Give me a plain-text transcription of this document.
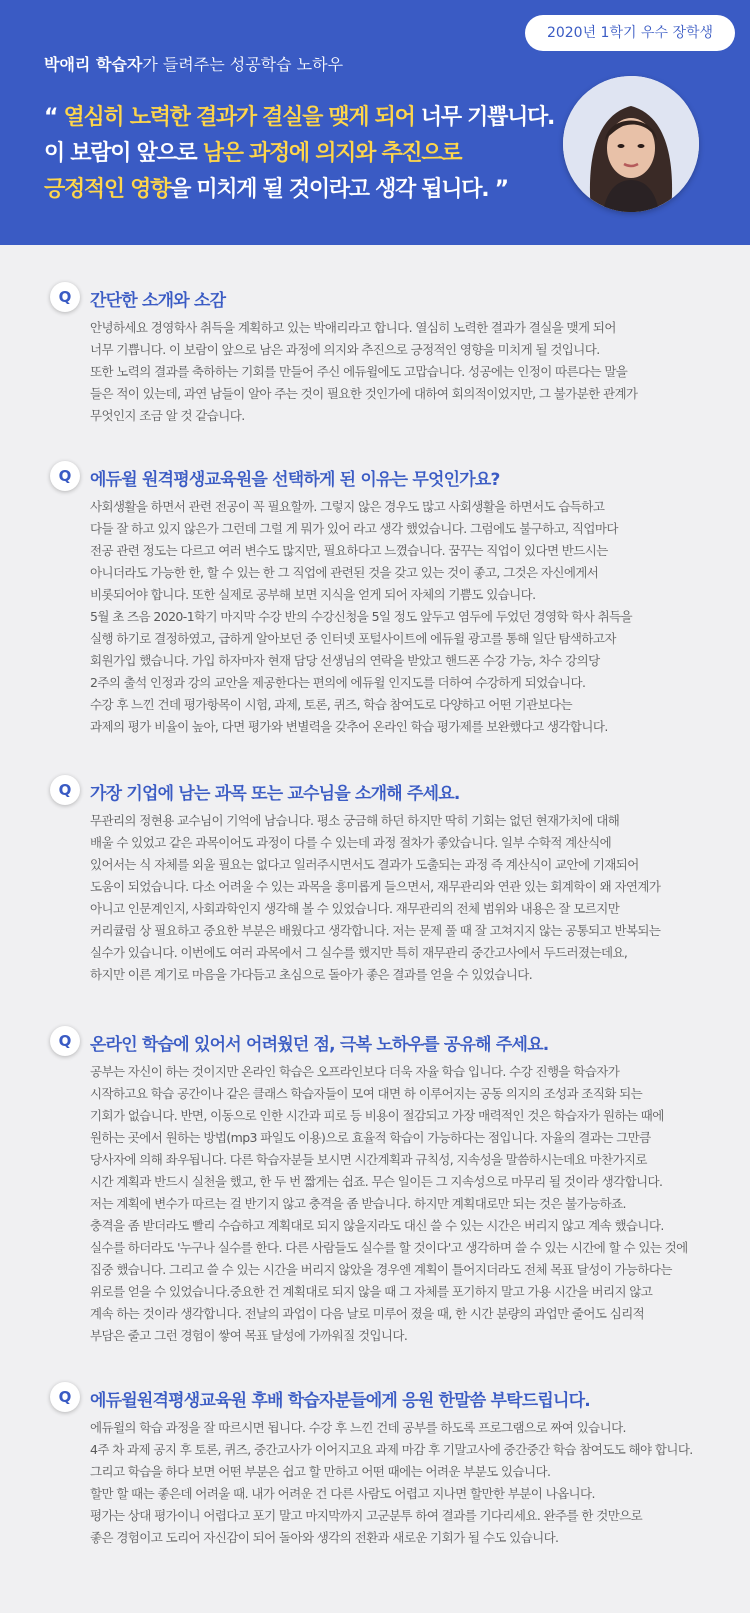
2020년 1학기 우수 장학생
박애리 학습자가 들려주는 성공학습 노하우
“ 열심히 노력한 결과가 결실을 맺게 되어 너무 기쁩니다.
이 보람이 앞으로 남은 과정에 의지와 추진으로
긍정적인 영향을 미치게 될 것이라고 생각 됩니다. ”
Q	간단한 소개와 소감
안녕하세요 경영학사 취득을 계획하고 있는 박애리라고 합니다. 열심히 노력한 결과가 결실을 맺게 되어
너무 기쁩니다. 이 보람이 앞으로 남은 과정에 의지와 추진으로 긍정적인 영향을 미치게 될 것입니다.
또한 노력의 결과를 축하하는 기회를 만들어 주신 에듀윌에도 고맙습니다. 성공에는 인정이 따른다는 말을
들은 적이 있는데, 과연 남들이 알아 주는 것이 필요한 것인가에 대하여 회의적이었지만, 그 불가분한 관계가
무엇인지 조금 알 것 같습니다.
Q	에듀윌 원격평생교육원을 선택하게 된 이유는 무엇인가요?
사회생활을 하면서 관련 전공이 꼭 필요할까. 그렇지 않은 경우도 많고 사회생활을 하면서도 습득하고
다들 잘 하고 있지 않은가 그런데 그럴 게 뭐가 있어 라고 생각 했었습니다. 그럼에도 불구하고, 직업마다
전공 관련 정도는 다르고 여러 변수도 많지만, 필요하다고 느꼈습니다. 꿈꾸는 직업이 있다면 반드시는
아니더라도 가능한 한, 할 수 있는 한 그 직업에 관련된 것을 갖고 있는 것이 좋고, 그것은 자신에게서
비롯되어야 합니다. 또한 실제로 공부해 보면 지식을 얻게 되어 자체의 기쁨도 있습니다.
5월 초 즈음 2020-1학기 마지막 수강 반의 수강신청을 5일 정도 앞두고 염두에 두었던 경영학 학사 취득을
실행 하기로 결정하였고, 급하게 알아보던 중 인터넷 포털사이트에 에듀윌 광고를 통해 일단 탐색하고자
회원가입 했습니다. 가입 하자마자 현재 담당 선생님의 연락을 받았고 핸드폰 수강 가능, 차수 강의당
2주의 출석 인정과 강의 교안을 제공한다는 편의에 에듀윌 인지도를 더하여 수강하게 되었습니다.
수강 후 느낀 건데 평가항목이 시험, 과제, 토론, 퀴즈, 학습 참여도로 다양하고 어떤 기관보다는
과제의 평가 비율이 높아, 다면 평가와 변별력을 갖추어 온라인 학습 평가제를 보완했다고 생각합니다.
Q	가장 기업에 남는 과목 또는 교수님을 소개해 주세요.
무관리의 정현용 교수님이 기억에 남습니다. 평소 궁금해 하던 하지만 딱히 기회는 없던 현재가치에 대해
배울 수 있었고 같은 과목이어도 과정이 다를 수 있는데 과정 절차가 좋았습니다. 일부 수학적 계산식에
있어서는 식 자체를 외울 필요는 없다고 일러주시면서도 결과가 도출되는 과정 즉 계산식이 교안에 기재되어
도움이 되었습니다. 다소 어려울 수 있는 과목을 흥미롭게 들으면서, 재무관리와 연관 있는 회계학이 왜 자연계가
아니고 인문계인지, 사회과학인지 생각해 볼 수 있었습니다. 재무관리의 전체 범위와 내용은 잘 모르지만
커리큘럼 상 필요하고 중요한 부분은 배웠다고 생각합니다. 저는 문제 풀 때 잘 고쳐지지 않는 공통되고 반복되는
실수가 있습니다. 이번에도 여러 과목에서 그 실수를 했지만 특히 재무관리 중간고사에서 두드러졌는데요,
하지만 이른 계기로 마음을 가다듬고 초심으로 돌아가 좋은 결과를 얻을 수 있었습니다.
Q	온라인 학습에 있어서 어려웠던 점, 극복 노하우를 공유해 주세요.
공부는 자신이 하는 것이지만 온라인 학습은 오프라인보다 더욱 자율 학습 입니다. 수강 진행을 학습자가
시작하고요 학습 공간이나 같은 클래스 학습자들이 모여 대면 하 이루어지는 공동 의지의 조성과 조직화 되는
기회가 없습니다. 반면, 이동으로 인한 시간과 피로 등 비용이 절감되고 가장 매력적인 것은 학습자가 원하는 때에
원하는 곳에서 원하는 방법(mp3 파일도 이용)으로 효율적 학습이 가능하다는 점입니다. 자율의 결과는 그만큼
당사자에 의해 좌우됩니다. 다른 학습자분들 보시면 시간계획과 규칙성, 지속성을 말씀하시는데요 마찬가지로
시간 계획과 반드시 실천을 했고, 한 두 번 짧게는 쉽죠. 무슨 일이든 그 지속성으로 마무리 될 것이라 생각합니다.
저는 계획에 변수가 따르는 걸 반기지 않고 충격을 좀 받습니다. 하지만 계획대로만 되는 것은 불가능하죠.
충격을 좀 받더라도 빨리 수습하고 계획대로 되지 않을지라도 대신 쓸 수 있는 시간은 버리지 않고 계속 했습니다.
실수를 하더라도 '누구나 실수를 한다. 다른 사람들도 실수를 할 것이다'고 생각하며 쓸 수 있는 시간에 할 수 있는 것에
집중 했습니다. 그리고 쓸 수 있는 시간을 버리지 않았을 경우엔 계획이 틀어지더라도 전체 목표 달성이 가능하다는
위로를 얻을 수 있었습니다.중요한 건 계획대로 되지 않을 때 그 자체를 포기하지 말고 가용 시간을 버리지 않고
계속 하는 것이라 생각합니다. 전날의 과업이 다음 날로 미루어 졌을 때, 한 시간 분량의 과업만 줄어도 심리적
부담은 줄고 그런 경험이 쌓여 목표 달성에 가까워질 것입니다.
Q	에듀윌원격평생교육원 후배 학습자분들에게 응원 한말씀 부탁드립니다.
에듀윌의 학습 과정을 잘 따르시면 됩니다. 수강 후 느낀 건데 공부를 하도록 프로그램으로 짜여 있습니다.
4주 차 과제 공지 후 토론, 퀴즈, 중간고사가 이어지고요 과제 마감 후 기말고사에 중간중간 학습 참여도도 해야 합니다.
그리고 학습을 하다 보면 어떤 부분은 쉽고 할 만하고 어떤 때에는 어려운 부분도 있습니다.
할만 할 때는 좋은데 어려울 때. 내가 어려운 건 다른 사람도 어렵고 지나면 할만한 부분이 나옵니다.
평가는 상대 평가이니 어렵다고 포기 말고 마지막까지 고군분투 하여 결과를 기다리세요. 완주를 한 것만으로
좋은 경험이고 도리어 자신감이 되어 돌아와 생각의 전환과 새로운 기회가 될 수도 있습니다.
